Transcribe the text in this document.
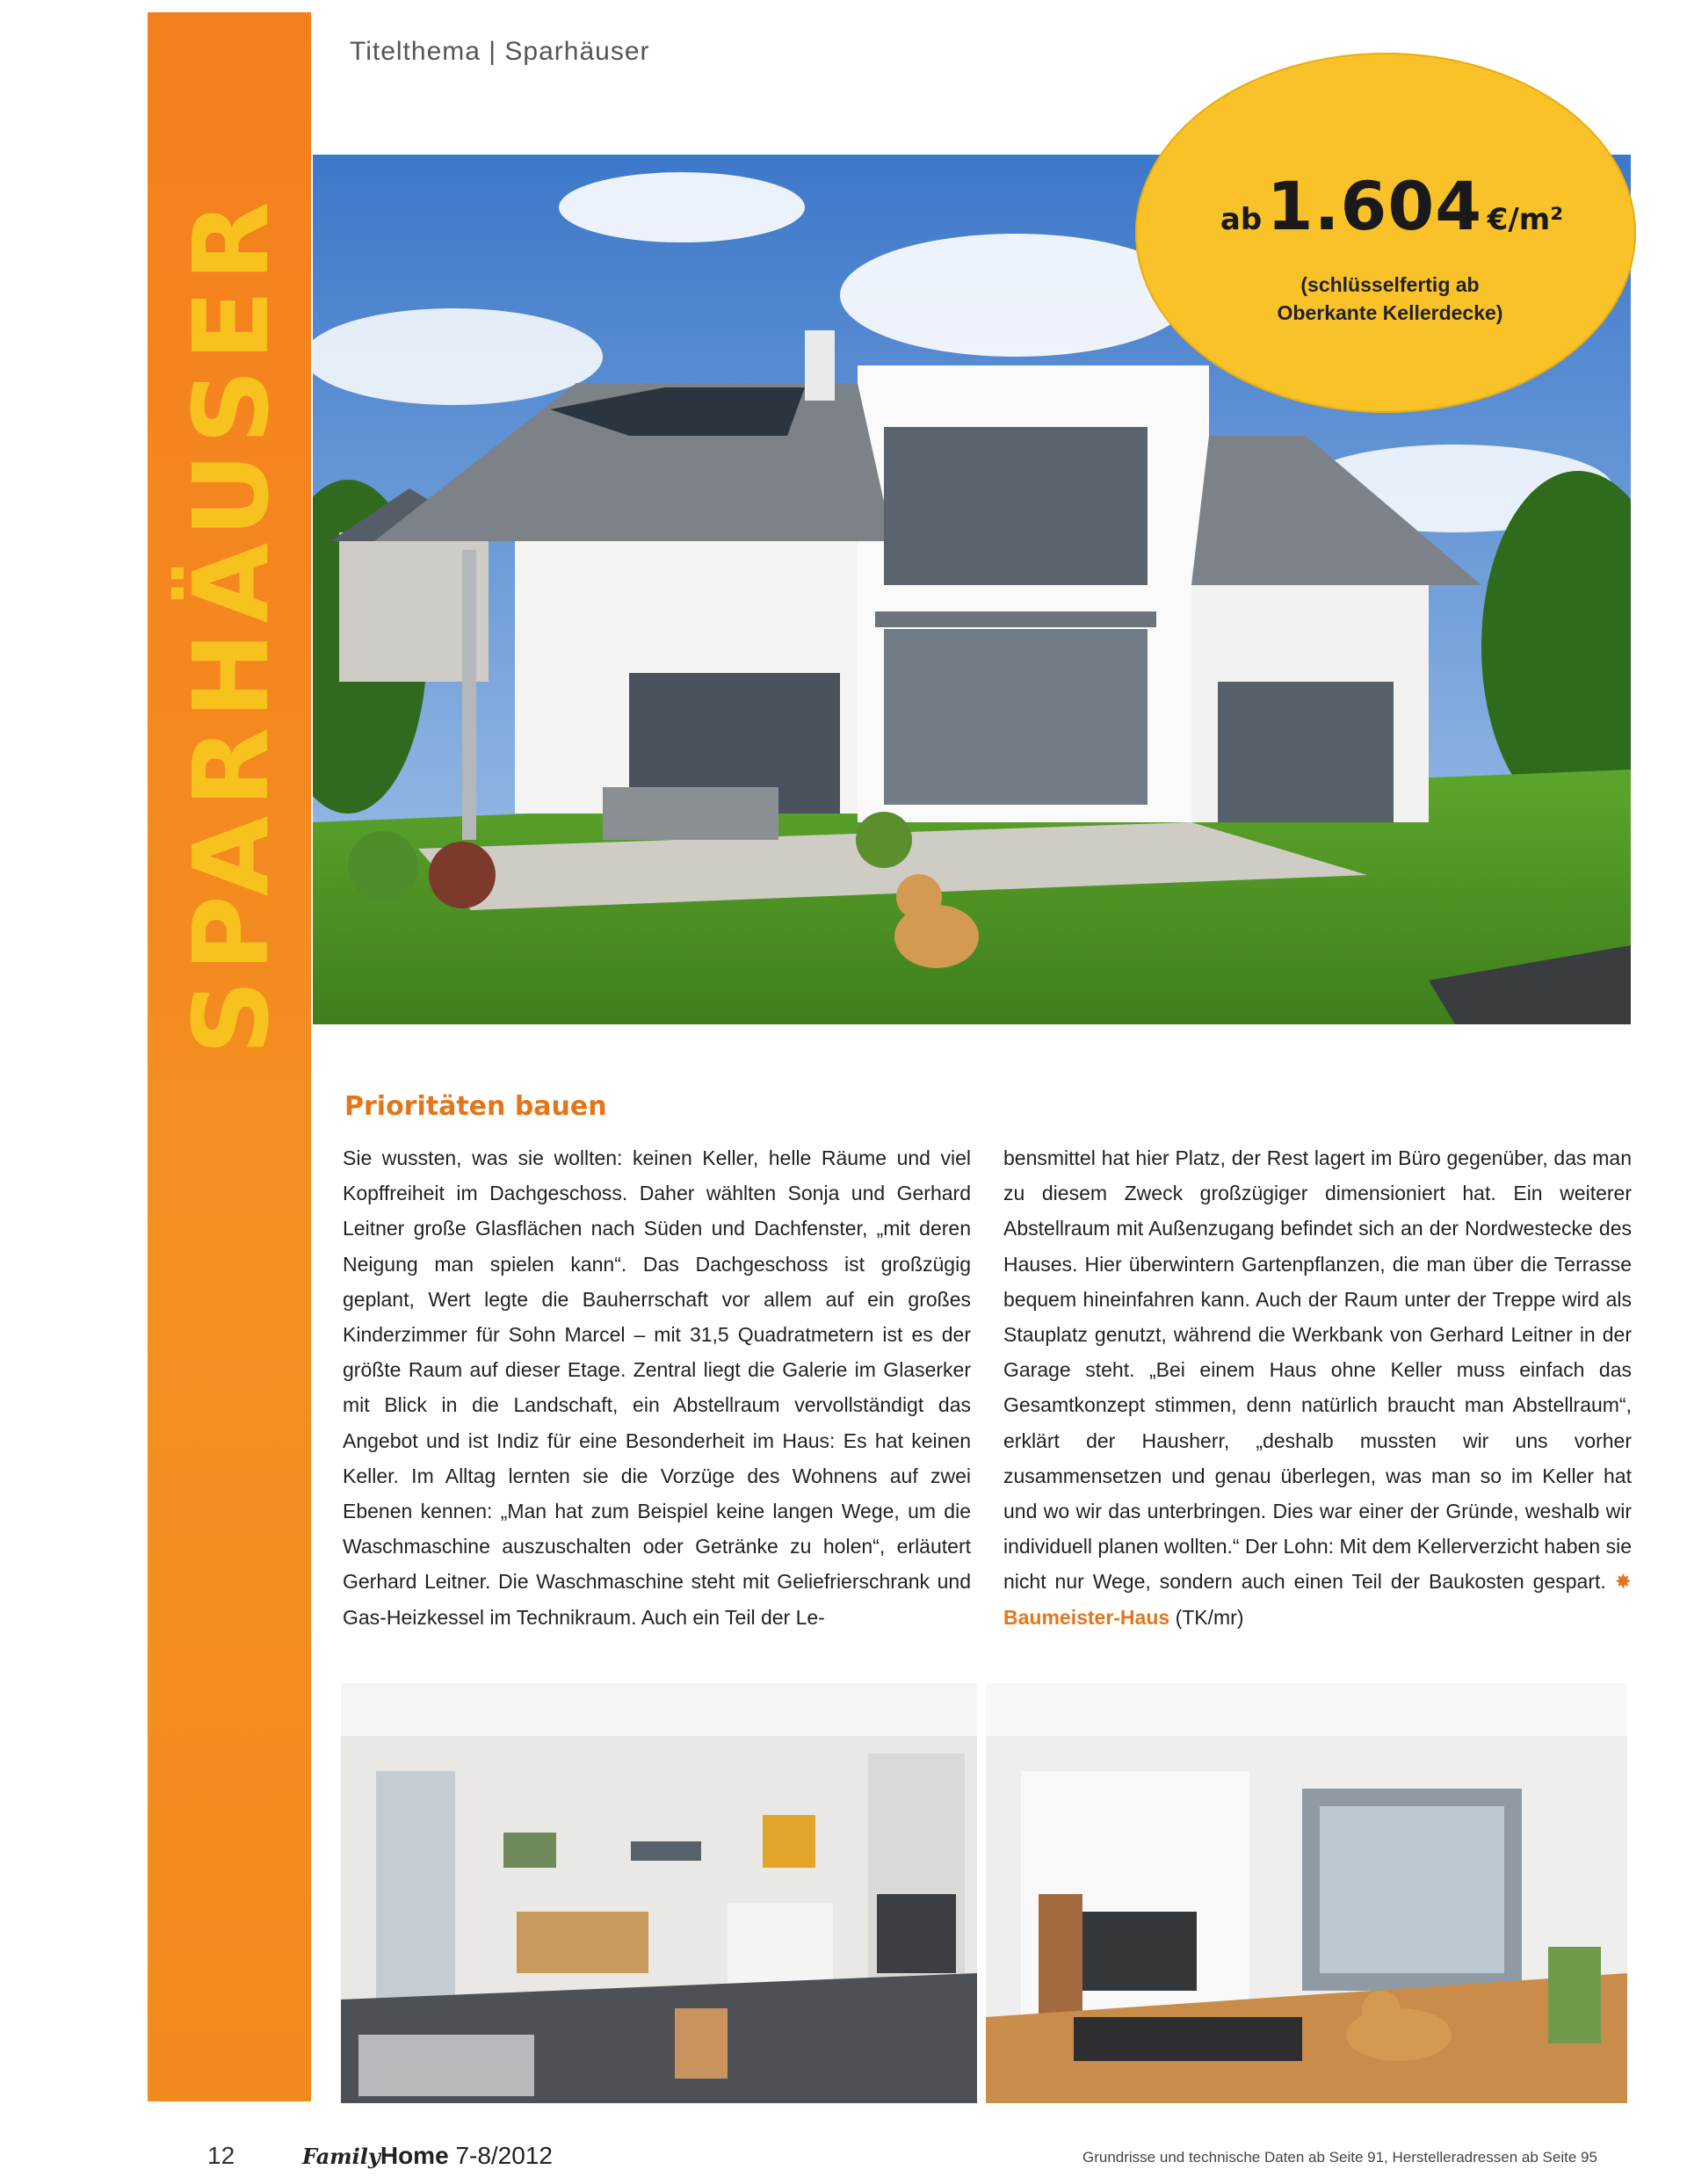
SPARHÄUSER
Titelthema | Sparhäuser
ab 1.604 €/m²
(schlüsselfertig ab
Oberkante Kellerdecke)
Prioritäten bauen
Sie wussten, was sie wollten: keinen Keller, helle Räume und viel Kopffreiheit im Dachgeschoss. Daher wählten Sonja und Gerhard Leitner große Glasflächen nach Süden und Dachfenster, „mit deren Neigung man spielen kann“. Das Dachgeschoss ist großzügig geplant, Wert legte die Bauherrschaft vor allem auf ein großes Kinderzimmer für Sohn Marcel – mit 31,5 Quadratmetern ist es der größte Raum auf dieser Etage. Zentral liegt die Galerie im Glaserker mit Blick in die Landschaft, ein Abstellraum vervollständigt das Angebot und ist Indiz für eine Besonderheit im Haus: Es hat keinen Keller. Im Alltag lernten sie die Vorzüge des Wohnens auf zwei Ebenen kennen: „Man hat zum Beispiel keine langen Wege, um die Waschmaschine auszuschalten oder Getränke zu holen“, erläutert Gerhard Leitner. Die Waschmaschine steht mit Geliefrierschrank und Gas-Heizkessel im Technikraum. Auch ein Teil der Le-
bensmittel hat hier Platz, der Rest lagert im Büro gegenüber, das man zu diesem Zweck großzügiger dimensioniert hat. Ein weiterer Abstellraum mit Außenzugang befindet sich an der Nordwestecke des Hauses. Hier überwintern Gartenpflanzen, die man über die Terrasse bequem hineinfahren kann. Auch der Raum unter der Treppe wird als Stauplatz genutzt, während die Werkbank von Gerhard Leitner in der Garage steht. „Bei einem Haus ohne Keller muss einfach das Gesamtkonzept stimmen, denn natürlich braucht man Abstellraum“, erklärt der Hausherr, „deshalb mussten wir uns vorher zusammensetzen und genau überlegen, was man so im Keller hat und wo wir das unterbringen. Dies war einer der Gründe, weshalb wir individuell planen wollten.“ Der Lohn: Mit dem Kellerverzicht haben sie nicht nur Wege, sondern auch einen Teil der Baukosten gespart. ✸ Baumeister-Haus (TK/mr)
12	FamilyHome 7-8/2012	Grundrisse und technische Daten ab Seite 91, Herstelleradressen ab Seite 95
